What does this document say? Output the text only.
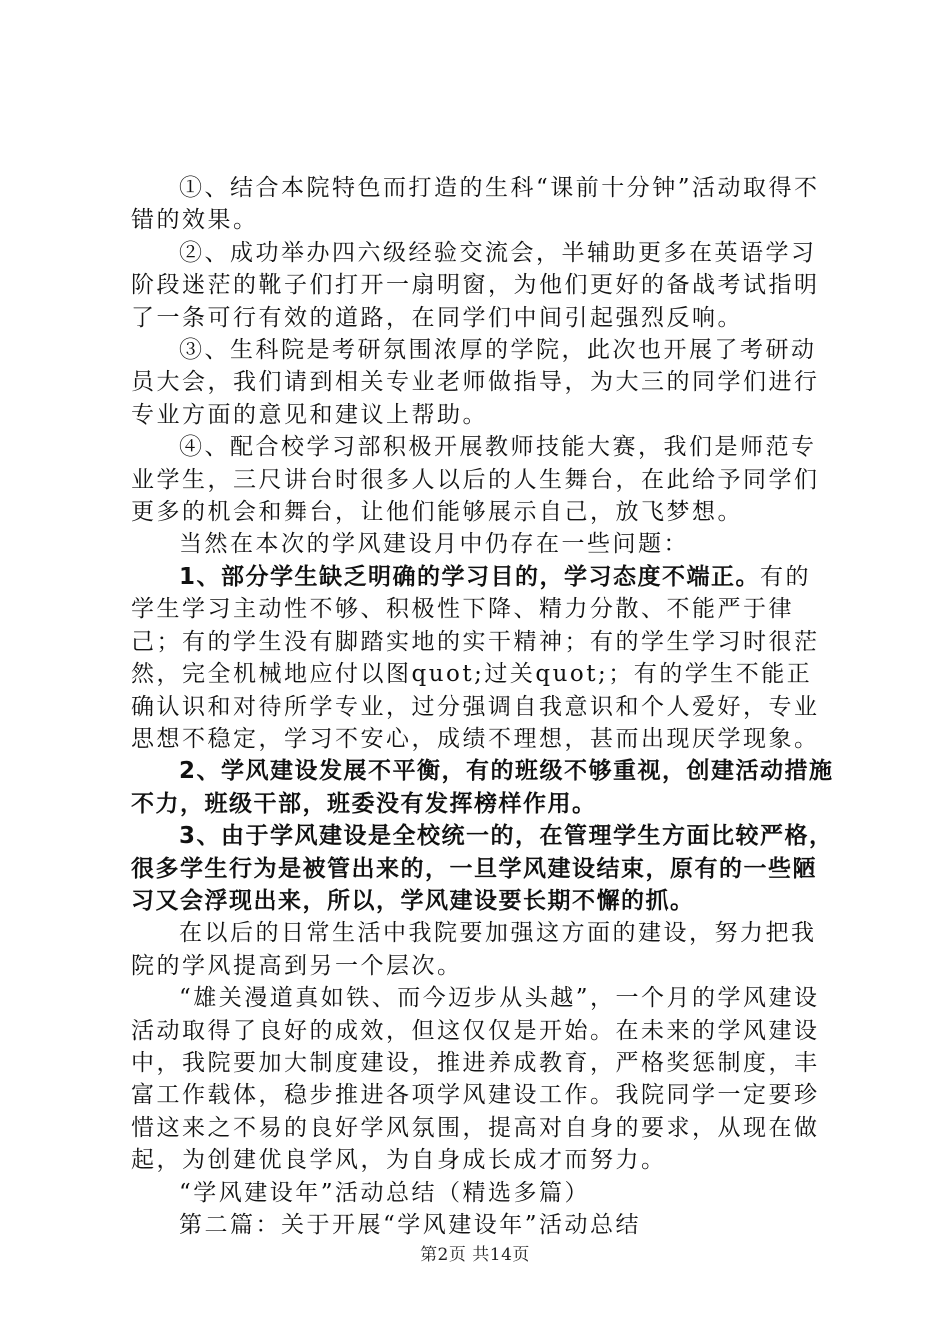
①、结合本院特色而打造的生科“课前十分钟”活动取得不错的效果。

②、成功举办四六级经验交流会，半辅助更多在英语学习阶段迷茫的靴子们打开一扇明窗，为他们更好的备战考试指明了一条可行有效的道路，在同学们中间引起强烈反响。

③、生科院是考研氛围浓厚的学院，此次也开展了考研动员大会，我们请到相关专业老师做指导，为大三的同学们进行专业方面的意见和建议上帮助。

④、配合校学习部积极开展教师技能大赛，我们是师范专业学生，三尺讲台时很多人以后的人生舞台，在此给予同学们更多的机会和舞台，让他们能够展示自己，放飞梦想。

当然在本次的学风建设月中仍存在一些问题：

1、部分学生缺乏明确的学习目的，学习态度不端正。有的学生学习主动性不够、积极性下降、精力分散、不能严于律己；有的学生没有脚踏实地的实干精神；有的学生学习时很茫然，完全机械地应付以图quot;过关quot;；有的学生不能正确认识和对待所学专业，过分强调自我意识和个人爱好，专业思想不稳定，学习不安心，成绩不理想，甚而出现厌学现象。

2、学风建设发展不平衡，有的班级不够重视，创建活动措施不力，班级干部，班委没有发挥榜样作用。

3、由于学风建设是全校统一的，在管理学生方面比较严格，很多学生行为是被管出来的，一旦学风建设结束，原有的一些陋习又会浮现出来，所以，学风建设要长期不懈的抓。

在以后的日常生活中我院要加强这方面的建设，努力把我院的学风提高到另一个层次。

“雄关漫道真如铁、而今迈步从头越”，一个月的学风建设活动取得了良好的成效，但这仅仅是开始。在未来的学风建设中，我院要加大制度建设，推进养成教育，严格奖惩制度，丰富工作载体，稳步推进各项学风建设工作。我院同学一定要珍惜这来之不易的良好学风氛围，提高对自身的要求，从现在做起，为创建优良学风，为自身成长成才而努力。

“学风建设年”活动总结（精选多篇）

第二篇：关于开展“学风建设年”活动总结

第2页 共14页
